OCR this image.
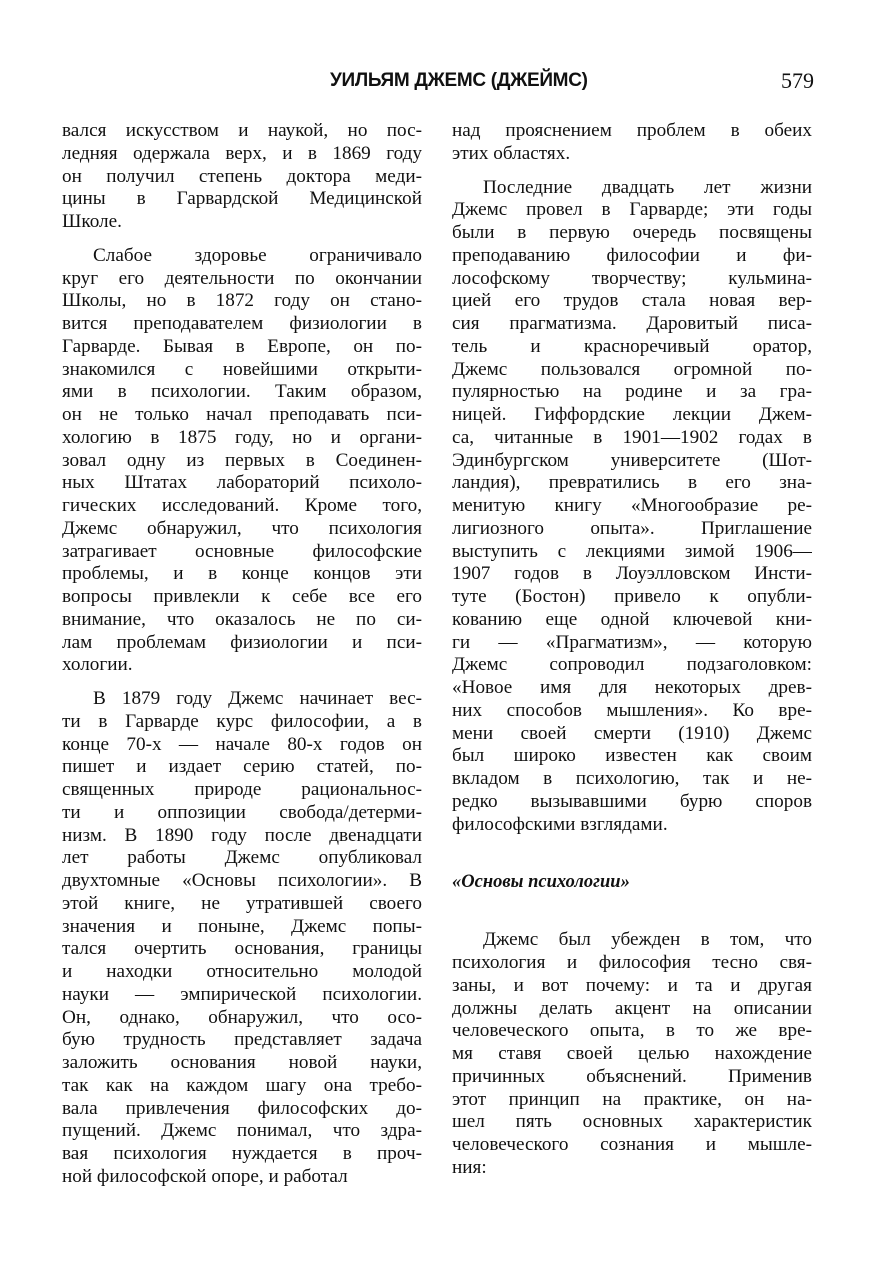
УИЛЬЯМ ДЖЕМС (ДЖЕЙМС)	579
вался искусством и наукой, но пос-
ледняя одержала верх, и в 1869 году
он получил степень доктора меди-
цины в Гарвардской Медицинской
Школе.
Слабое здоровье ограничивало
круг его деятельности по окончании
Школы, но в 1872 году он стано-
вится преподавателем физиологии в
Гарварде. Бывая в Европе, он по-
знакомился с новейшими открыти-
ями в психологии. Таким образом,
он не только начал преподавать пси-
хологию в 1875 году, но и органи-
зовал одну из первых в Соединен-
ных Штатах лабораторий психоло-
гических исследований. Кроме того,
Джемс обнаружил, что психология
затрагивает основные философские
проблемы, и в конце концов эти
вопросы привлекли к себе все его
внимание, что оказалось не по си-
лам проблемам физиологии и пси-
хологии.
В 1879 году Джемс начинает вес-
ти в Гарварде курс философии, а в
конце 70-х — начале 80-х годов он
пишет и издает серию статей, по-
священных природе рациональнос-
ти и оппозиции свобода/детерми-
низм. В 1890 году после двенадцати
лет работы Джемс опубликовал
двухтомные «Основы психологии». В
этой книге, не утратившей своего
значения и поныне, Джемс попы-
тался очертить основания, границы
и находки относительно молодой
науки — эмпирической психологии.
Он, однако, обнаружил, что осо-
бую трудность представляет задача
заложить основания новой науки,
так как на каждом шагу она требо-
вала привлечения философских до-
пущений. Джемс понимал, что здра-
вая психология нуждается в проч-
ной философской опоре, и работал
над прояснением проблем в обеих
этих областях.
Последние двадцать лет жизни
Джемс провел в Гарварде; эти годы
были в первую очередь посвящены
преподаванию философии и фи-
лософскому творчеству; кульмина-
цией его трудов стала новая вер-
сия прагматизма. Даровитый писа-
тель и красноречивый оратор,
Джемс пользовался огромной по-
пулярностью на родине и за гра-
ницей. Гиффордские лекции Джем-
са, читанные в 1901—1902 годах в
Эдинбургском университете (Шот-
ландия), превратились в его зна-
менитую книгу «Многообразие ре-
лигиозного опыта». Приглашение
выступить с лекциями зимой 1906—
1907 годов в Лоуэлловском Инсти-
туте (Бостон) привело к опубли-
кованию еще одной ключевой кни-
ги — «Прагматизм», — которую
Джемс сопроводил подзаголовком:
«Новое имя для некоторых древ-
них способов мышления». Ко вре-
мени своей смерти (1910) Джемс
был широко известен как своим
вкладом в психологию, так и не-
редко вызывавшими бурю споров
философскими взглядами.
«Основы психологии»
Джемс был убежден в том, что
психология и философия тесно свя-
заны, и вот почему: и та и другая
должны делать акцент на описании
человеческого опыта, в то же вре-
мя ставя своей целью нахождение
причинных объяснений. Применив
этот принцип на практике, он на-
шел пять основных характеристик
человеческого сознания и мышле-
ния:
